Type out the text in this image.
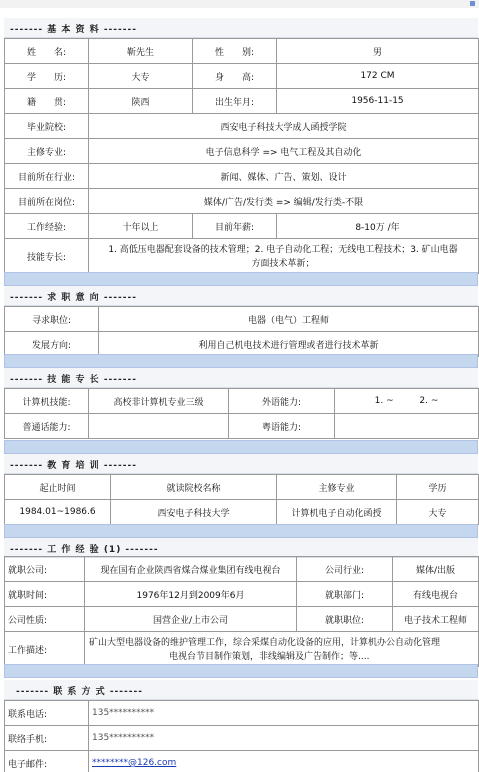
------- 基 本 资 料 -------
姓　　名:	靳先生	性　　别:	男
学　　历:	大专	身　　高:	172 CM
籍　　贯:	陕西	出生年月:	1956-11-15
毕业院校:	西安电子科技大学成人函授学院		
主修专业:	电子信息科学 => 电气工程及其自动化		
目前所在行业:	新闻、媒体、广告、策划、设计		
目前所在岗位:	媒体/广告/发行类 => 编辑/发行类-不限		
工作经验:	十年以上	目前年薪:	8-10万 /年
技能专长:	1. 高低压电器配套设备的技术管理；2. 电子自动化工程；无线电工程技术；3. 矿山电器
方面技术革新；		
------- 求 职 意 向 -------
寻求职位:	电器（电气）工程师
发展方向:	利用自己机电技术进行管理或者进行技术革新
------- 技 能 专 长 -------
计算机技能:	高校非计算机专业三级	外语能力:	1. ~ 2. ~
普通话能力:		粤语能力:	
------- 教 育 培 训 -------
起止时间	就读院校名称	主修专业	学历
1984.01~1986.6	西安电子科技大学	计算机电子自动化函授	大专
------- 工 作 经 验 (1) -------
就职公司:	现在国有企业陕西省煤合煤业集团有线电视台	公司行业:	媒体/出版
就职时间:	1976年12月到2009年6月	就职部门:	有线电视台
公司性质:	国营企业/上市公司	就职职位:	电子技术工程师
工作描述:	矿山大型电器设备的维护管理工作，综合采煤自动化设备的应用，计算机办公自动化管理
电视台节目制作策划，非线编辑及广告制作；等....		
------- 联 系 方 式 -------
联系电话:	135**********
联络手机:	135**********
电子邮件:	********@126.com
